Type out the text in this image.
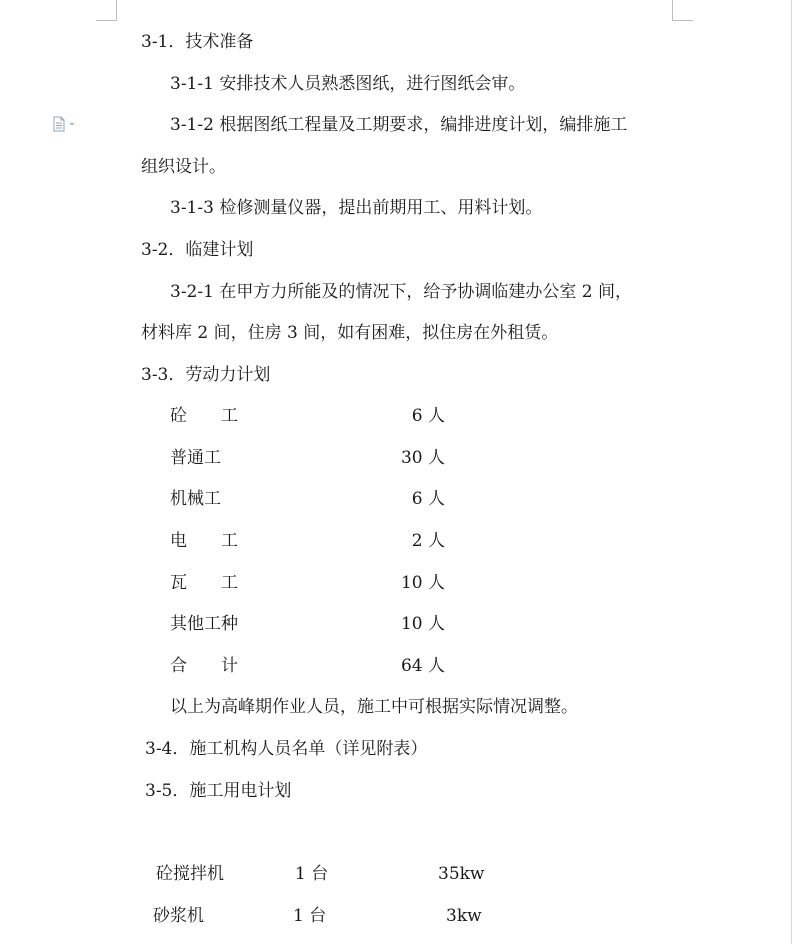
3-1．技术准备
3-1-1 安排技术人员熟悉图纸，进行图纸会审。
3-1-2 根据图纸工程量及工期要求，编排进度计划，编排施工
组织设计。
3-1-3 检修测量仪器，提出前期用工、用料计划。
3-2．临建计划
3-2-1 在甲方力所能及的情况下，给予协调临建办公室 2 间，
材料库 2 间，住房 3 间，如有困难，拟住房在外租赁。
3-3．劳动力计划
砼　　工	6 人
普通工	30 人
机械工	6 人
电　　工	2 人
瓦　　工	10 人
其他工种	10 人
合　　计	64 人
以上为高峰期作业人员，施工中可根据实际情况调整。
3-4．施工机构人员名单（详见附表）
3-5．施工用电计划
砼搅拌机	1 台	35kw
砂浆机	1 台	3kw
